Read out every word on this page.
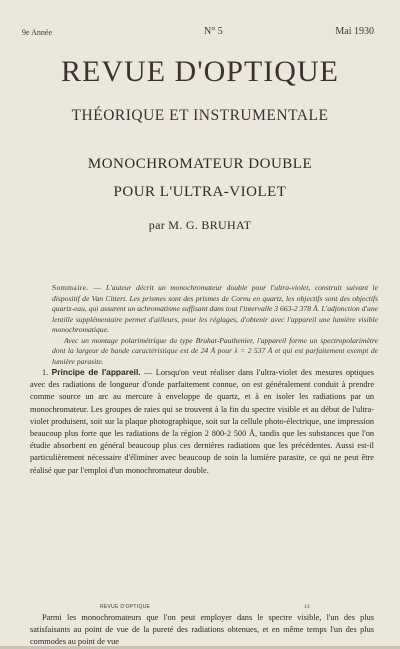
9e Année	N° 5	Mai 1930
REVUE D'OPTIQUE
THÉORIQUE ET INSTRUMENTALE
MONOCHROMATEUR DOUBLE
POUR L'ULTRA-VIOLET
par M. G. BRUHAT

Sommaire. — L'auteur décrit un monochromateur double pour l'ultra-violet, construit suivant le dispositif de Van Cittert. Les prismes sont des prismes de Cornu en quartz, les objectifs sont des objectifs quartz-eau, qui assurent un achromatisme suffisant dans tout l'intervalle 3 663-2 378 Å. L'adjonction d'une lentille supplémentaire permet d'ailleurs, pour les réglages, d'obtenir avec l'appareil une lumière visible monochromatique.

Avec un montage polarimétrique du type Bruhat-Pauthenier, l'appareil forme un spectropolarimètre dont la largeur de bande caractéristique est de 24 Å pour λ = 2 537 Å et qui est parfaitement exempt de lumière parasite.

1. Principe de l'appareil. — Lorsqu'on veut réaliser dans l'ultra-violet des mesures optiques avec des radiations de longueur d'onde parfaitement connue, on est généralement conduit à prendre comme source un arc au mercure à enveloppe de quartz, et à en isoler les radiations par un monochromateur. Les groupes de raies qui se trouvent à la fin du spectre visible et au début de l'ultra-violet produisent, soit sur la plaque photographique, soit sur la cellule photo-électrique, une impression beaucoup plus forte que les radiations de la région 2 800-2 500 Å, tandis que les substances que l'on étudie absorbent en général beaucoup plus ces dernières radiations que les précédentes. Aussi est-il particulièrement nécessaire d'éliminer avec beaucoup de soin la lumière parasite, ce qui ne peut être réalisé que par l'emploi d'un monochromateur double.

Parmi les monochromateurs que l'on peut employer dans le spectre visible, l'un des plus satisfaisants au point de vue de la pureté des radiations obtenues, et en même temps l'un des plus commodes au point de vue

REVUE D'OPTIQUE	13
